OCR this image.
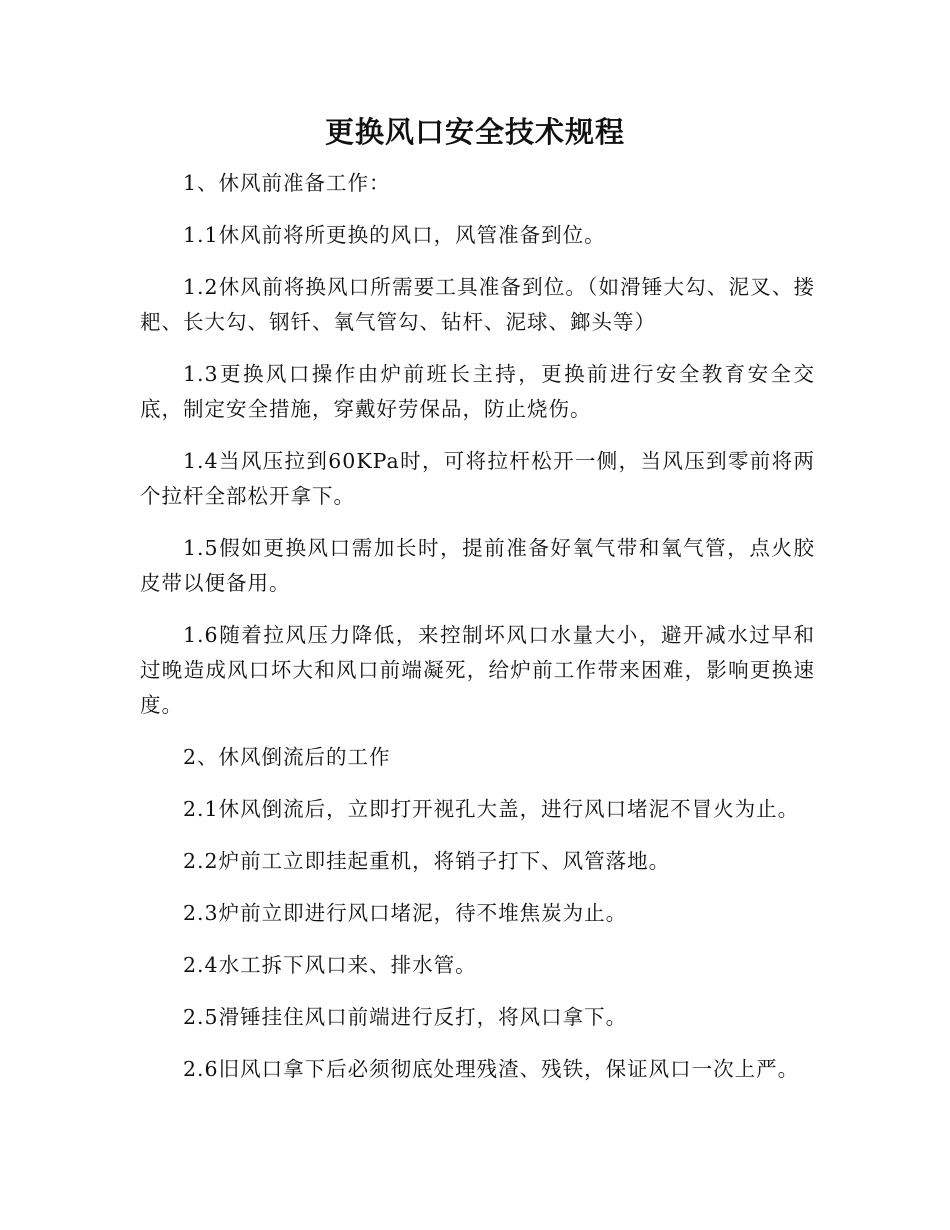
更换风口安全技术规程

1、休风前准备工作：

1.1休风前将所更换的风口，风管准备到位。

1.2休风前将换风口所需要工具准备到位。（如滑锤大勾、泥叉、搂耙、长大勾、钢钎、氧气管勾、钻杆、泥球、鎯头等）

1.3更换风口操作由炉前班长主持，更换前进行安全教育安全交底，制定安全措施，穿戴好劳保品，防止烧伤。

1.4当风压拉到60KPa时，可将拉杆松开一侧，当风压到零前将两个拉杆全部松开拿下。

1.5假如更换风口需加长时，提前准备好氧气带和氧气管，点火胶皮带以便备用。

1.6随着拉风压力降低，来控制坏风口水量大小，避开减水过早和过晚造成风口坏大和风口前端凝死，给炉前工作带来困难，影响更换速度。

2、休风倒流后的工作

2.1休风倒流后，立即打开视孔大盖，进行风口堵泥不冒火为止。

2.2炉前工立即挂起重机，将销子打下、风管落地。

2.3炉前立即进行风口堵泥，待不堆焦炭为止。

2.4水工拆下风口来、排水管。

2.5滑锤挂住风口前端进行反打，将风口拿下。

2.6旧风口拿下后必须彻底处理残渣、残铁，保证风口一次上严。
